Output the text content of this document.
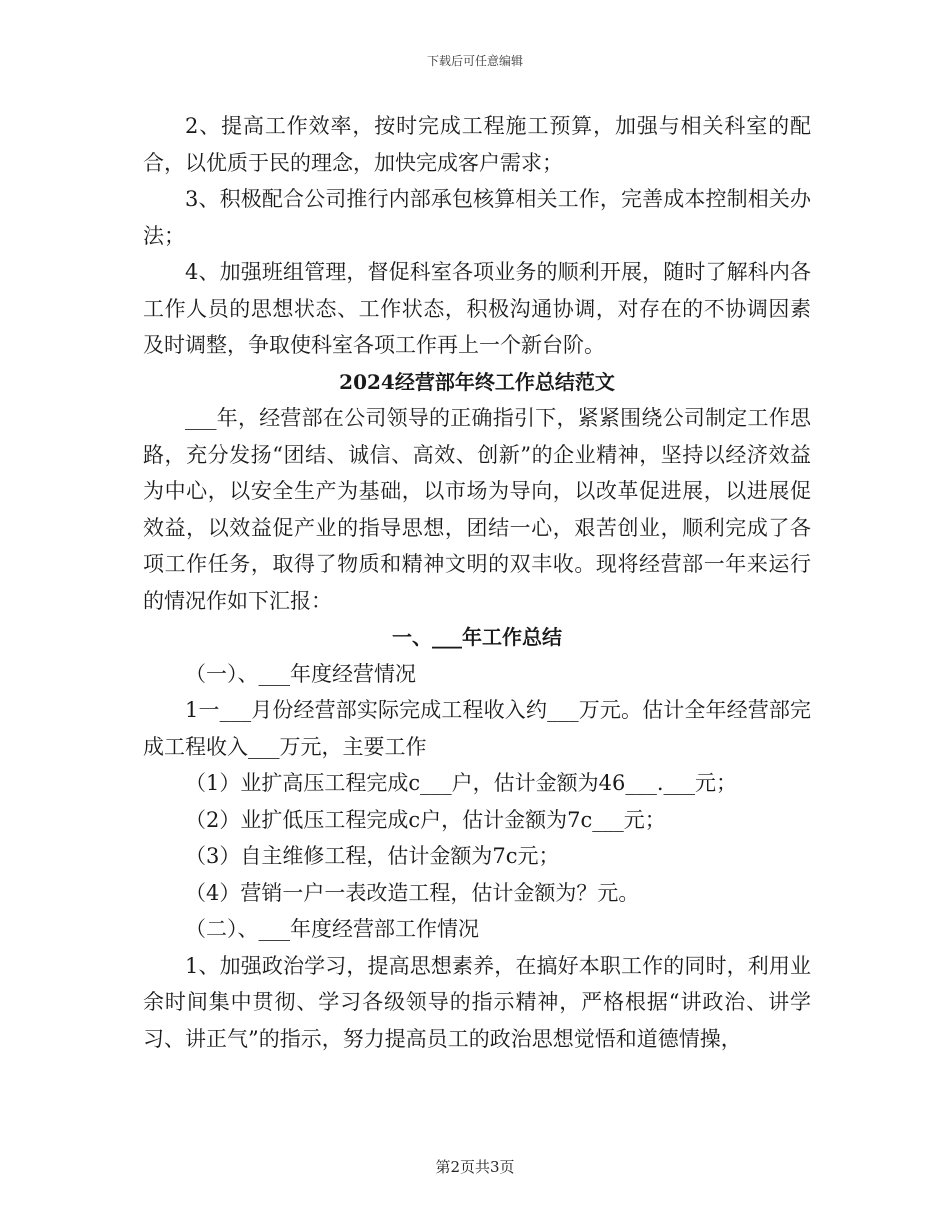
下载后可任意编辑

2、提高工作效率，按时完成工程施工预算，加强与相关科室的配合，以优质于民的理念，加快完成客户需求；

3、积极配合公司推行内部承包核算相关工作，完善成本控制相关办法；

4、加强班组管理，督促科室各项业务的顺利开展，随时了解科内各工作人员的思想状态、工作状态，积极沟通协调，对存在的不协调因素及时调整，争取使科室各项工作再上一个新台阶。

2024经营部年终工作总结范文

___年，经营部在公司领导的正确指引下，紧紧围绕公司制定工作思路，充分发扬“团结、诚信、高效、创新”的企业精神，坚持以经济效益为中心，以安全生产为基础，以市场为导向，以改革促进展，以进展促效益，以效益促产业的指导思想，团结一心，艰苦创业，顺利完成了各项工作任务，取得了物质和精神文明的双丰收。现将经营部一年来运行的情况作如下汇报：

一、___年工作总结

（一）、___年度经营情况

1一___月份经营部实际完成工程收入约___万元。估计全年经营部完成工程收入___万元，主要工作

（1）业扩高压工程完成c___户，估计金额为46___.___元；

（2）业扩低压工程完成c户，估计金额为7c___元；

（3）自主维修工程，估计金额为7c元；

（4）营销一户一表改造工程，估计金额为？元。

（二）、___年度经营部工作情况

1、加强政治学习，提高思想素养，在搞好本职工作的同时，利用业余时间集中贯彻、学习各级领导的指示精神，严格根据“讲政治、讲学习、讲正气”的指示，努力提高员工的政治思想觉悟和道德情操，

第2页共3页
